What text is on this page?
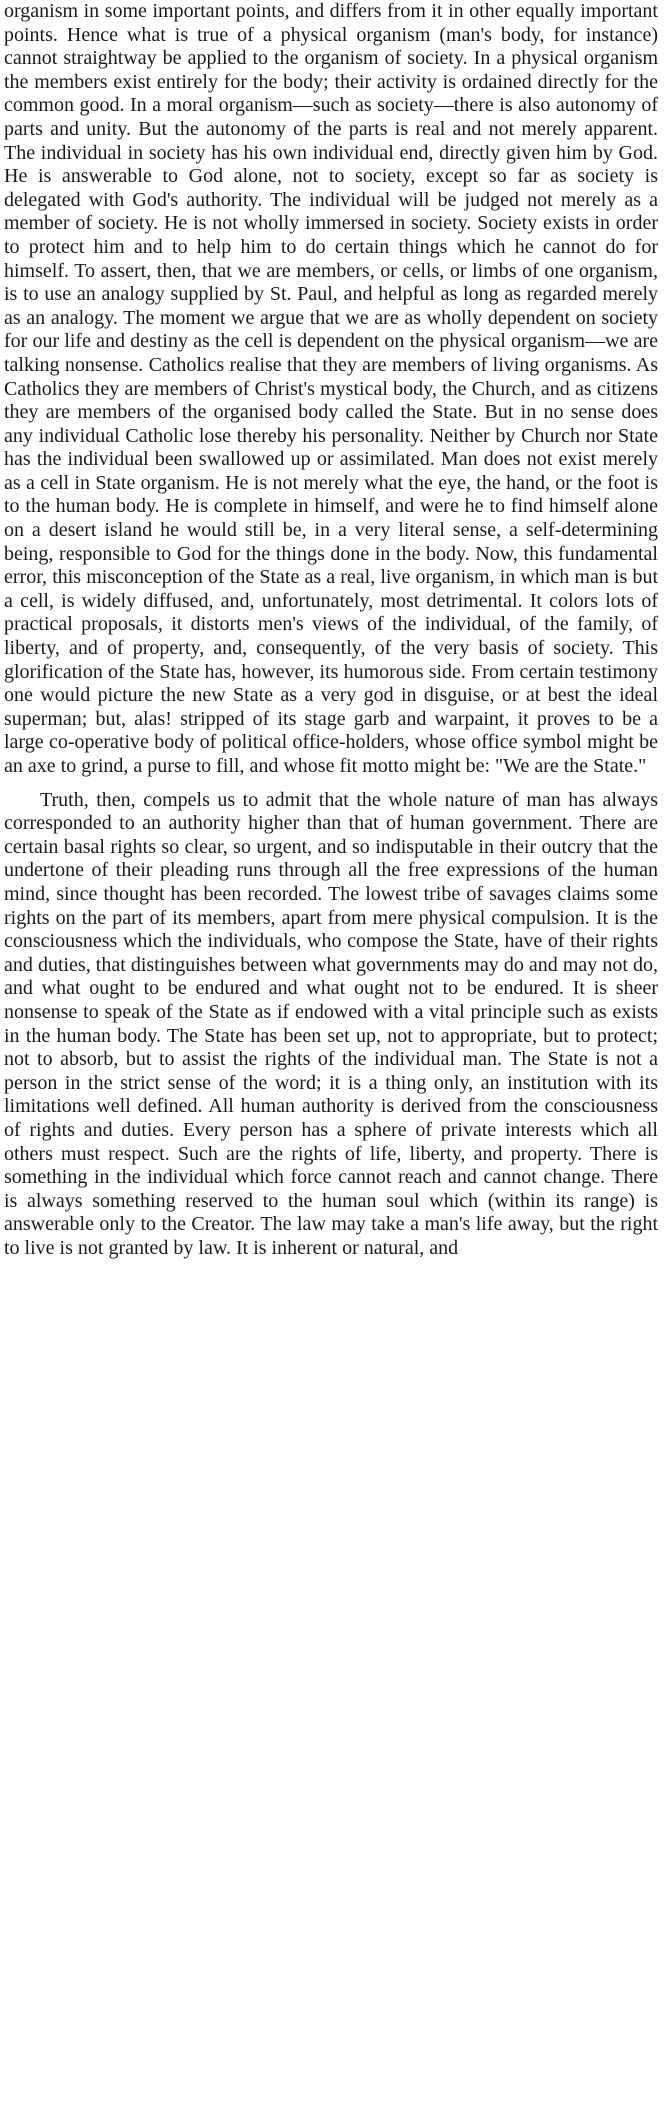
organism in some important points, and differs from it in other equally important points. Hence what is true of a physical organism (man's body, for instance) cannot straightway be applied to the organism of society. In a physical organism the members exist entirely for the body; their activity is ordained directly for the common good. In a moral organism—such as society—there is also autonomy of parts and unity. But the autonomy of the parts is real and not merely apparent. The individual in society has his own individual end, directly given him by God. He is answerable to God alone, not to society, except so far as society is delegated with God's authority. The individual will be judged not merely as a member of society. He is not wholly immersed in society. Society exists in order to protect him and to help him to do certain things which he cannot do for himself. To assert, then, that we are members, or cells, or limbs of one organism, is to use an analogy supplied by St. Paul, and helpful as long as regarded merely as an analogy. The moment we argue that we are as wholly dependent on society for our life and destiny as the cell is dependent on the physical organism—we are talking nonsense. Catholics realise that they are members of living organisms. As Catholics they are members of Christ's mystical body, the Church, and as citizens they are members of the organised body called the State. But in no sense does any individual Catholic lose thereby his personality. Neither by Church nor State has the individual been swallowed up or assimilated. Man does not exist merely as a cell in State organism. He is not merely what the eye, the hand, or the foot is to the human body. He is complete in himself, and were he to find himself alone on a desert island he would still be, in a very literal sense, a self-determining being, responsible to God for the things done in the body. Now, this fundamental error, this misconception of the State as a real, live organism, in which man is but a cell, is widely diffused, and, unfortunately, most detrimental. It colors lots of practical proposals, it distorts men's views of the individual, of the family, of liberty, and of property, and, consequently, of the very basis of society. This glorification of the State has, however, its humorous side. From certain testimony one would picture the new State as a very god in disguise, or at best the ideal superman; but, alas! stripped of its stage garb and warpaint, it proves to be a large co-operative body of political office-holders, whose office symbol might be an axe to grind, a purse to fill, and whose fit motto might be: "We are the State."

Truth, then, compels us to admit that the whole nature of man has always corresponded to an authority higher than that of human government. There are certain basal rights so clear, so urgent, and so indisputable in their outcry that the undertone of their pleading runs through all the free expressions of the human mind, since thought has been recorded. The lowest tribe of savages claims some rights on the part of its members, apart from mere physical compulsion. It is the consciousness which the individuals, who compose the State, have of their rights and duties, that distinguishes between what governments may do and may not do, and what ought to be endured and what ought not to be endured. It is sheer nonsense to speak of the State as if endowed with a vital principle such as exists in the human body. The State has been set up, not to appropriate, but to protect; not to absorb, but to assist the rights of the individual man. The State is not a person in the strict sense of the word; it is a thing only, an institution with its limitations well defined. All human authority is derived from the consciousness of rights and duties. Every person has a sphere of private interests which all others must respect. Such are the rights of life, liberty, and property. There is something in the individual which force cannot reach and cannot change. There is always something reserved to the human soul which (within its range) is answerable only to the Creator. The law may take a man's life away, but the right to live is not granted by law. It is inherent or natural, and
